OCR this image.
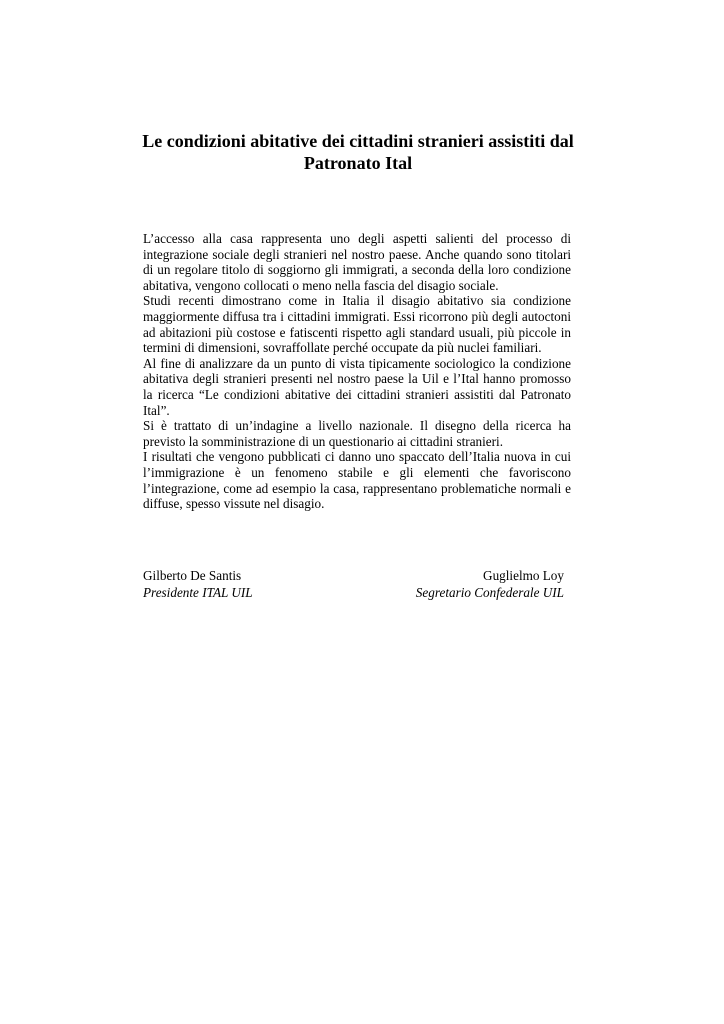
Le condizioni abitative dei cittadini stranieri assistiti dal
Patronato Ital

L’accesso alla casa rappresenta uno degli aspetti salienti del processo di integrazione sociale degli stranieri nel nostro paese. Anche quando sono titolari di un regolare titolo di soggiorno gli immigrati, a seconda della loro condizione abitativa, vengono collocati o meno nella fascia del disagio sociale.

Studi recenti dimostrano come in Italia il disagio abitativo sia condizione maggiormente diffusa tra i cittadini immigrati. Essi ricorrono più degli autoctoni ad abitazioni più costose e fatiscenti rispetto agli standard usuali, più piccole in termini di dimensioni, sovraffollate perché occupate da più nuclei familiari.

Al fine di analizzare da un punto di vista tipicamente sociologico la condizione abitativa degli stranieri presenti nel nostro paese la Uil e l’Ital hanno promosso la ricerca “Le condizioni abitative dei cittadini stranieri assistiti dal Patronato Ital”.

Si è trattato di un’indagine a livello nazionale. Il disegno della ricerca ha previsto la somministrazione di un questionario ai cittadini stranieri.

I risultati che vengono pubblicati ci danno uno spaccato dell’Italia nuova in cui l’immigrazione è un fenomeno stabile e gli elementi che favoriscono l’integrazione, come ad esempio la casa, rappresentano problematiche normali e diffuse, spesso vissute nel disagio.

Gilberto De Santis
Presidente ITAL UIL
Guglielmo Loy
Segretario Confederale UIL
